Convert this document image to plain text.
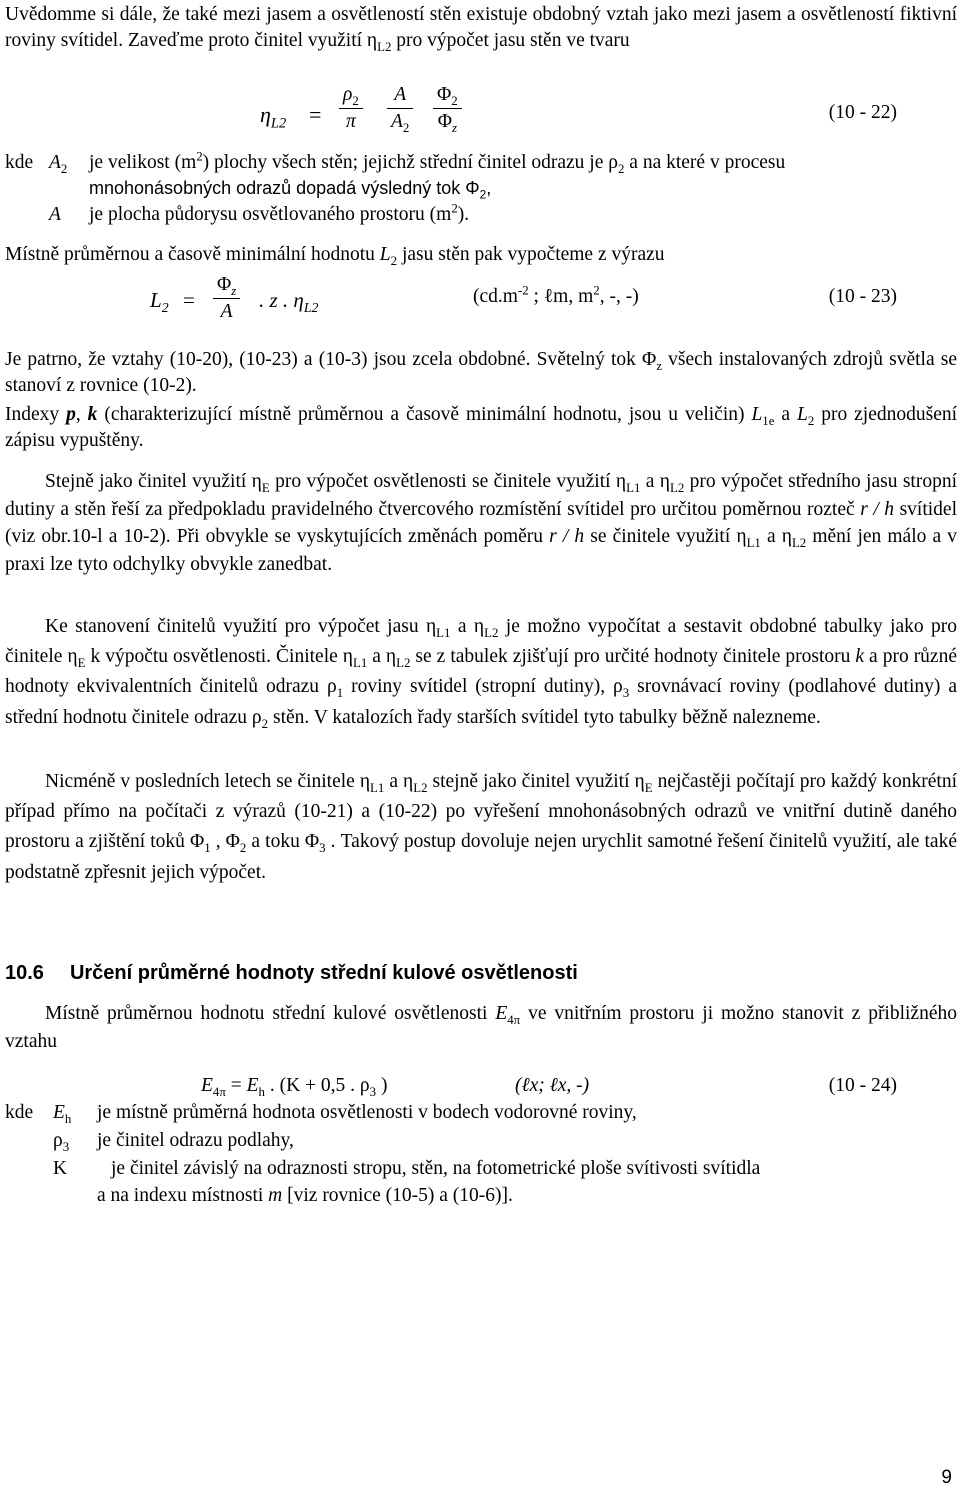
Uvědomme si dále, že také mezi jasem a osvětleností stěn existuje obdobný vztah jako mezi jasem a osvětleností fiktivní roviny svítidel. Zaveďme proto činitel využití $\eta_{L2}$ pro výpočet jasu stěn ve tvaru

$\eta_{L2} = \frac{\rho_2}{\pi} \frac{A}{A_2} \frac{\Phi_2}{\Phi_z}$	(10 - 22)
kde $A_2$ je velikost $(m^2)$ plochy všech stěn; jejichž střední činitel odrazu je $\rho_2$ a na které v procesu
mnohonásobných odrazů dopadá výsledný tok $\Phi_2$,
A je plocha půdorysu osvětlovaného prostoru $(m^2)$.

Místně průměrnou a časově minimální hodnotu $L_2$ jasu stěn pak vypočteme z výrazu

$L_2 = \frac{\Phi_z}{A}$ . z . $\eta_{L2}$
($cd.m^{-2}$ ; ℓm, $m^2$, -, -)	(10 - 23)

Je patrno, že vztahy (10-20), (10-23) a (10-3) jsou zcela obdobné. Světelný tok $\Phi_z$ všech instalovaných zdrojů světla se stanoví z rovnice (10-2).

Indexy p, k (charakterizující místně průměrnou a časově minimální hodnotu, jsou u veličin) $L_{1e}$ a $L_2$ pro zjednodušení zápisu vypuštěny.

Stejně jako činitel využití $\eta_E$ pro výpočet osvětlenosti se činitele využití $\eta_{L1}$ a $\eta_{L2}$ pro výpočet středního jasu stropní dutiny a stěn řeší za předpokladu pravidelného čtvercového rozmístění svítidel pro určitou poměrnou rozteč r / h svítidel (viz obr.10-l a 10-2). Při obvykle se vyskytujících změnách poměru r / h se činitele využití $\eta_{L1}$ a $\eta_{L2}$ mění jen málo a v praxi lze tyto odchylky obvykle zanedbat.

Ke stanovení činitelů využití pro výpočet jasu $\eta_{L1}$ a $\eta_{L2}$ je možno vypočítat a sestavit obdobné tabulky jako pro činitele $\eta_E$ k výpočtu osvětlenosti. Činitele $\eta_{L1}$ a $\eta_{L2}$ se z tabulek zjišťují pro určité hodnoty činitele prostoru k a pro různé hodnoty ekvivalentních činitelů odrazu $\rho_1$ roviny svítidel (stropní dutiny), $\rho_3$ srovnávací roviny (podlahové dutiny) a střední hodnotu činitele odrazu $\rho_2$ stěn. V katalozích řady starších svítidel tyto tabulky běžně nalezneme.

Nicméně v posledních letech se činitele $\eta_{L1}$ a $\eta_{L2}$ stejně jako činitel využití $\eta_E$ nejčastěji počítají pro každý konkrétní případ přímo na počítači z výrazů (10-21) a (10-22) po vyřešení mnohonásobných odrazů ve vnitřní dutině daného prostoru a zjištění toků $\Phi_1$ , $\Phi_2$ a toku $\Phi_3$ . Takový postup dovoluje nejen urychlit samotné řešení činitelů využití, ale také podstatně zpřesnit jejich výpočet.

10.6 Určení průměrné hodnoty střední kulové osvětlenosti

Místně průměrnou hodnotu střední kulové osvětlenosti $E_{4\pi}$ ve vnitřním prostoru ji možno stanovit z přibližného vztahu

$E_{4\pi} = E_h$ . (K + 0,5 . $\rho_3$ )	(ℓx; ℓx, -)	(10 - 24)
kde $E_h$ je místně průměrná hodnota osvětlenosti v bodech vodorovné roviny,
$\rho_3$ je činitel odrazu podlahy,
K je činitel závislý na odraznosti stropu, stěn, na fotometrické ploše svítivosti svítidla
a na indexu místnosti m [viz rovnice (10-5) a (10-6)].
9
